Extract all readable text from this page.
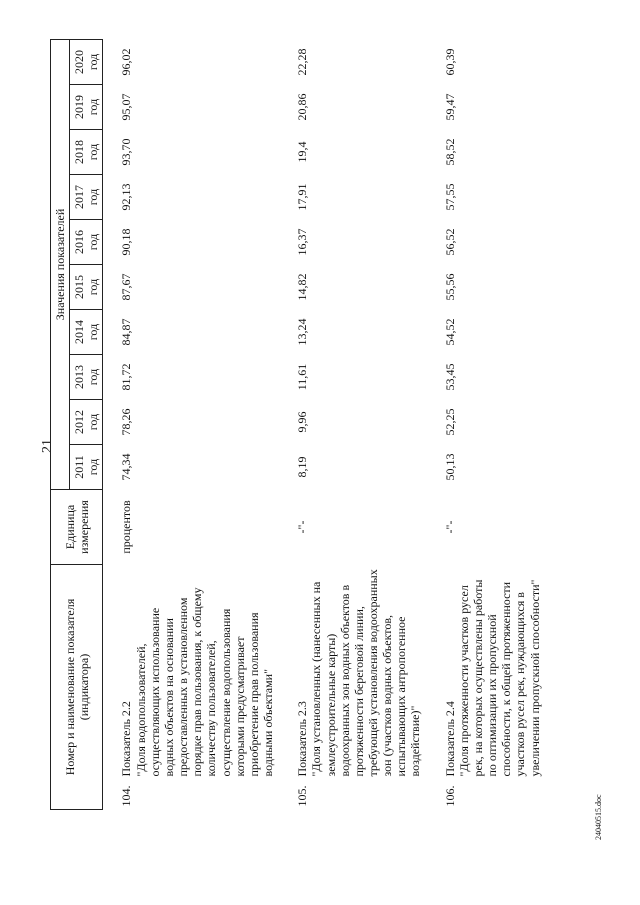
21
Номер и наименование показателя (индикатора)		Единица измерения	Значения показателей									

			2011 год	2012 год	2013 год	2014 год	2015 год	2016 год	2017 год	2018 год	2019 год	2020 год

104.	Показатель 2.2 "Доля водопользователей, осуществляющих использование водных объектов на основании предоставленных в установленном порядке прав пользования, к общему количеству пользователей, осуществление водопользования которыми предусматривает приобретение прав пользования водными объектами"	процентов	74,34	78,26	81,72	84,87	87,67	90,18	92,13	93,70	95,07	96,02
105.	Показатель 2.3 "Доля установленных (нанесенных на землеустроительные карты) водоохранных зон водных объектов в протяженности береговой линии, требующей установления водоохранных зон (участков водных объектов, испытывающих антропогенное воздействие)"	-"-	8,19	9,96	11,61	13,24	14,82	16,37	17,91	19,4	20,86	22,28
106.	Показатель 2.4 "Доля протяженности участков русел рек, на которых осуществлены работы по оптимизации их пропускной способности, к общей протяженности участков русел рек, нуждающихся в увеличении пропускной способности"	-"-	50,13	52,25	53,45	54,52	55,56	56,52	57,55	58,52	59,47	60,39
24040515.doc
